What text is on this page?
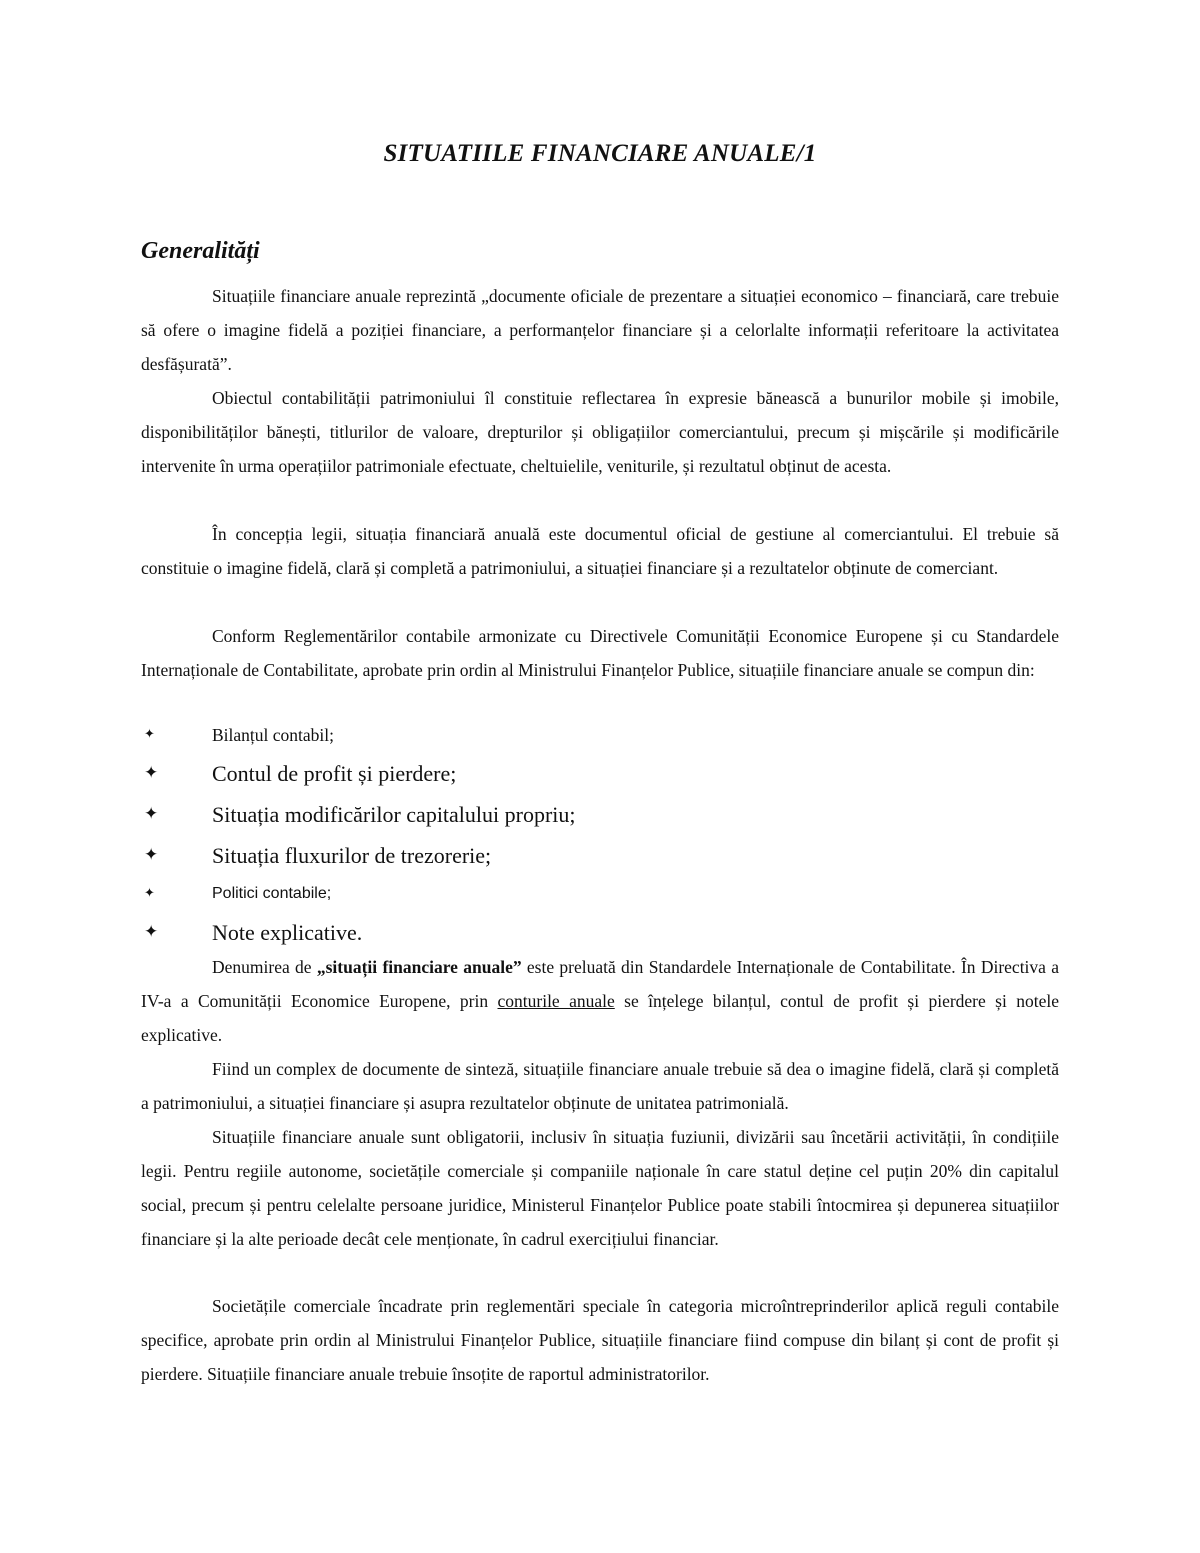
SITUATIILE FINANCIARE ANUALE/1
Generalități

Situațiile financiare anuale reprezintă „documente oficiale de prezentare a situației economico – financiară, care trebuie să ofere o imagine fidelă a poziției financiare, a performanțelor financiare și a celorlalte informații referitoare la activitatea desfășurată”.

Obiectul contabilității patrimoniului îl constituie reflectarea în expresie bănească a bunurilor mobile și imobile, disponibilităților bănești, titlurilor de valoare, drepturilor și obligațiilor comerciantului, precum și mișcările și modificările intervenite în urma operațiilor patrimoniale efectuate, cheltuielile, veniturile, și rezultatul obținut de acesta.

În concepția legii, situația financiară anuală este documentul oficial de gestiune al comerciantului. El trebuie să constituie o imagine fidelă, clară și completă a patrimoniului, a situației financiare și a rezultatelor obținute de comerciant.

Conform Reglementărilor contabile armonizate cu Directivele Comunității Economice Europene și cu Standardele Internaționale de Contabilitate, aprobate prin ordin al Ministrului Finanțelor Publice, situațiile financiare anuale se compun din:

✦	Bilanțul contabil;
✦ Contul de profit și pierdere;
✦ Situația modificărilor capitalului propriu;
✦ Situația fluxurilor de trezorerie;
✦	Politici contabile;
✦ Note explicative.

Denumirea de „situații financiare anuale” este preluată din Standardele Internaționale de Contabilitate. În Directiva a IV-a a Comunității Economice Europene, prin conturile anuale se înțelege bilanțul, contul de profit și pierdere și notele explicative.

Fiind un complex de documente de sinteză, situațiile financiare anuale trebuie să dea o imagine fidelă, clară și completă a patrimoniului, a situației financiare și asupra rezultatelor obținute de unitatea patrimonială.

Situațiile financiare anuale sunt obligatorii, inclusiv în situația fuziunii, divizării sau încetării activității, în condițiile legii. Pentru regiile autonome, societățile comerciale și companiile naționale în care statul deține cel puțin 20% din capitalul social, precum și pentru celelalte persoane juridice, Ministerul Finanțelor Publice poate stabili întocmirea și depunerea situațiilor financiare și la alte perioade decât cele menționate, în cadrul exercițiului financiar.

Societățile comerciale încadrate prin reglementări speciale în categoria microîntreprinderilor aplică reguli contabile specifice, aprobate prin ordin al Ministrului Finanțelor Publice, situațiile financiare fiind compuse din bilanț și cont de profit și pierdere. Situațiile financiare anuale trebuie însoțite de raportul administratorilor.
